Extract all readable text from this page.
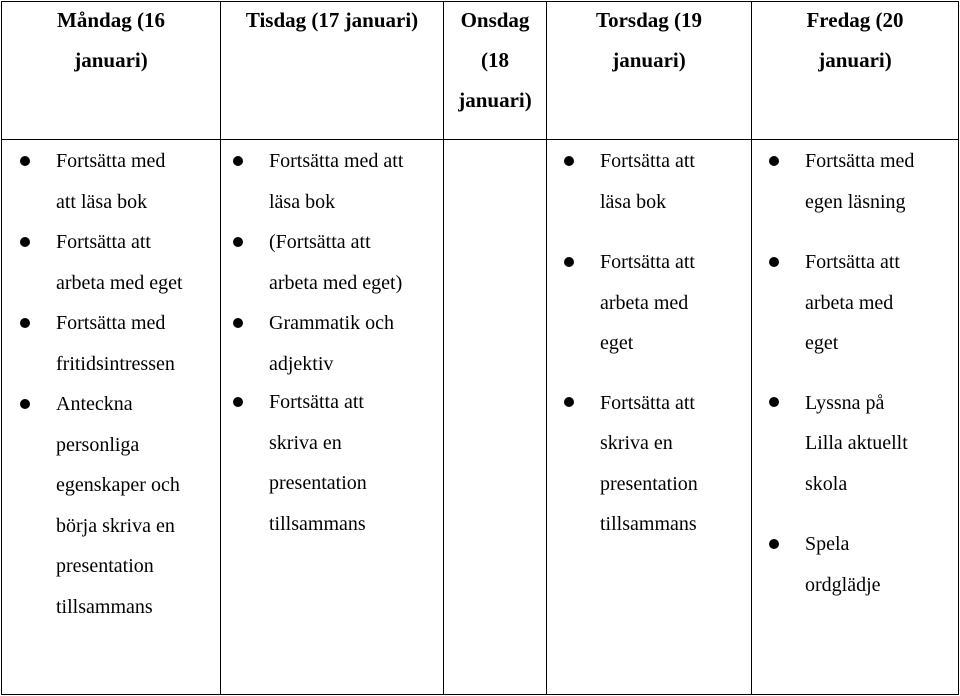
Måndag (16
januari)
Tisdag (17 januari)	Onsdag
(18
januari)
Torsdag (19
januari)
Fredag (20
januari)
Fortsätta med
att läsa bok
Fortsätta att
arbeta med eget
Fortsätta med
fritidsintressen
Anteckna
personliga
egenskaper och
börja skriva en
presentation
tillsammans
Fortsätta med att
läsa bok
(Fortsätta att
arbeta med eget)
Grammatik och
adjektiv
Fortsätta att
skriva en
presentation
tillsammans
Fortsätta att
läsa bok
Fortsätta att
arbeta med
eget
Fortsätta att
skriva en
presentation
tillsammans
Fortsätta med
egen läsning
Fortsätta att
arbeta med
eget
Lyssna på
Lilla aktuellt
skola
Spela
ordglädje
